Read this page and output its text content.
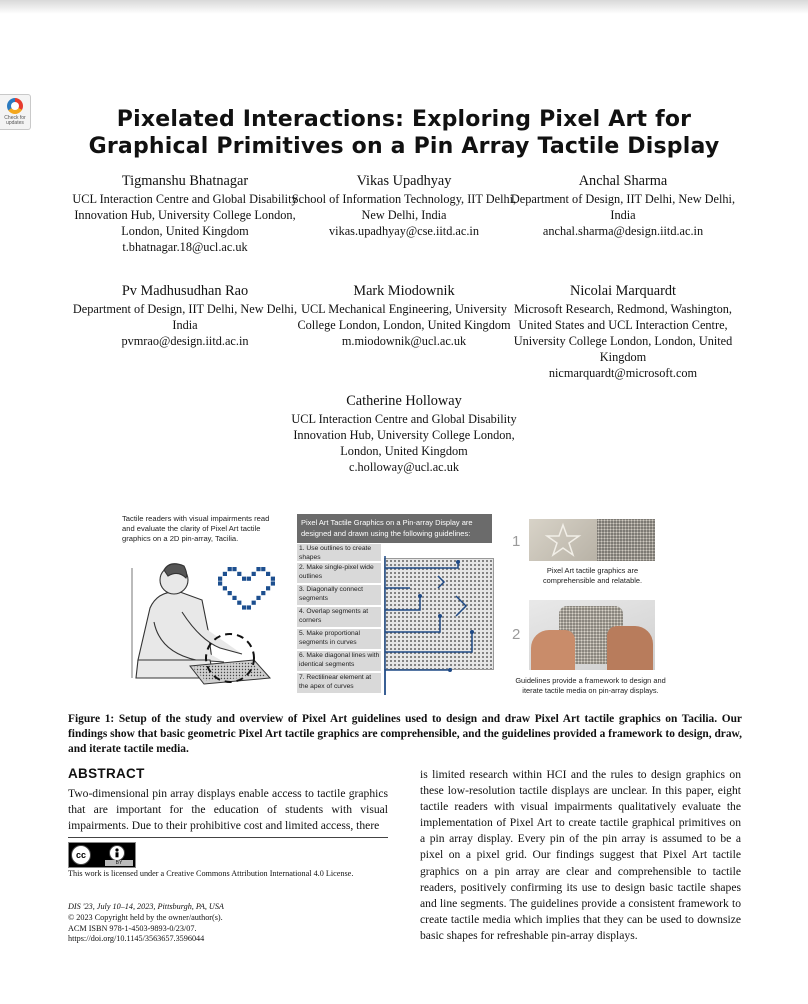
Check for updates	Pixelated Interactions: Exploring Pixel Art for Graphical Primitives on a Pin Array Tactile Display
Tigmanshu Bhatnagar
UCL Interaction Centre and Global Disability Innovation Hub, University College London, London, United Kingdom
t.bhatnagar.18@ucl.ac.uk
Vikas Upadhyay
School of Information Technology, IIT Delhi, New Delhi, India
vikas.upadhyay@cse.iitd.ac.in
Anchal Sharma
Department of Design, IIT Delhi, New Delhi, India
anchal.sharma@design.iitd.ac.in
Pv Madhusudhan Rao
Department of Design, IIT Delhi, New Delhi, India
pvmrao@design.iitd.ac.in
Mark Miodownik
UCL Mechanical Engineering, University College London, London, United Kingdom
m.miodownik@ucl.ac.uk
Nicolai Marquardt
Microsoft Research, Redmond, Washington, United States and UCL Interaction Centre, University College London, London, United Kingdom
nicmarquardt@microsoft.com
Catherine Holloway
UCL Interaction Centre and Global Disability Innovation Hub, University College London, London, United Kingdom
c.holloway@ucl.ac.uk
Tactile readers with visual impairments read and evaluate the clarity of Pixel Art tactile graphics on a 2D pin-array, Tacilia.
Pixel Art Tactile Graphics on a Pin-array Display are designed and drawn using the following guidelines:
1. Use outlines to create shapes
2. Make single-pixel wide outlines
3. Diagonally connect segments
4. Overlap segments at corners
5. Make proportional segments in curves
6. Make diagonal lines with identical segments
7. Rectilinear element at the apex of curves
1
Pixel Art tactile graphics are comprehensible and relatable.
2
Guidelines provide a framework to design and iterate tactile media on pin-array displays.
Figure 1: Setup of the study and overview of Pixel Art guidelines used to design and draw Pixel Art tactile graphics on Tacilia. Our findings show that basic geometric Pixel Art tactile graphics are comprehensible, and the guidelines provided a framework to design, draw, and iterate tactile media.
ABSTRACT
Two-dimensional pin array displays enable access to tactile graphics that are important for the education of students with visual impairments. Due to their prohibitive cost and limited access, there
is limited research within HCI and the rules to design graphics on these low-resolution tactile displays are unclear. In this paper, eight tactile readers with visual impairments qualitatively evaluate the implementation of Pixel Art to create tactile graphical primitives on a pin array display. Every pin of the pin array is assumed to be a pixel on a pixel grid. Our findings suggest that Pixel Art tactile graphics on a pin array are clear and comprehensible to tactile readers, positively confirming its use to design basic tactile shapes and line segments. The guidelines provide a consistent framework to create tactile media which implies that they can be used to downsize basic shapes for refreshable pin-array displays.
cc
BY
This work is licensed under a Creative Commons Attribution International 4.0 License.
DIS '23, July 10–14, 2023, Pittsburgh, PA, USA
© 2023 Copyright held by the owner/author(s).
ACM ISBN 978-1-4503-9893-0/23/07.
https://doi.org/10.1145/3563657.3596044
